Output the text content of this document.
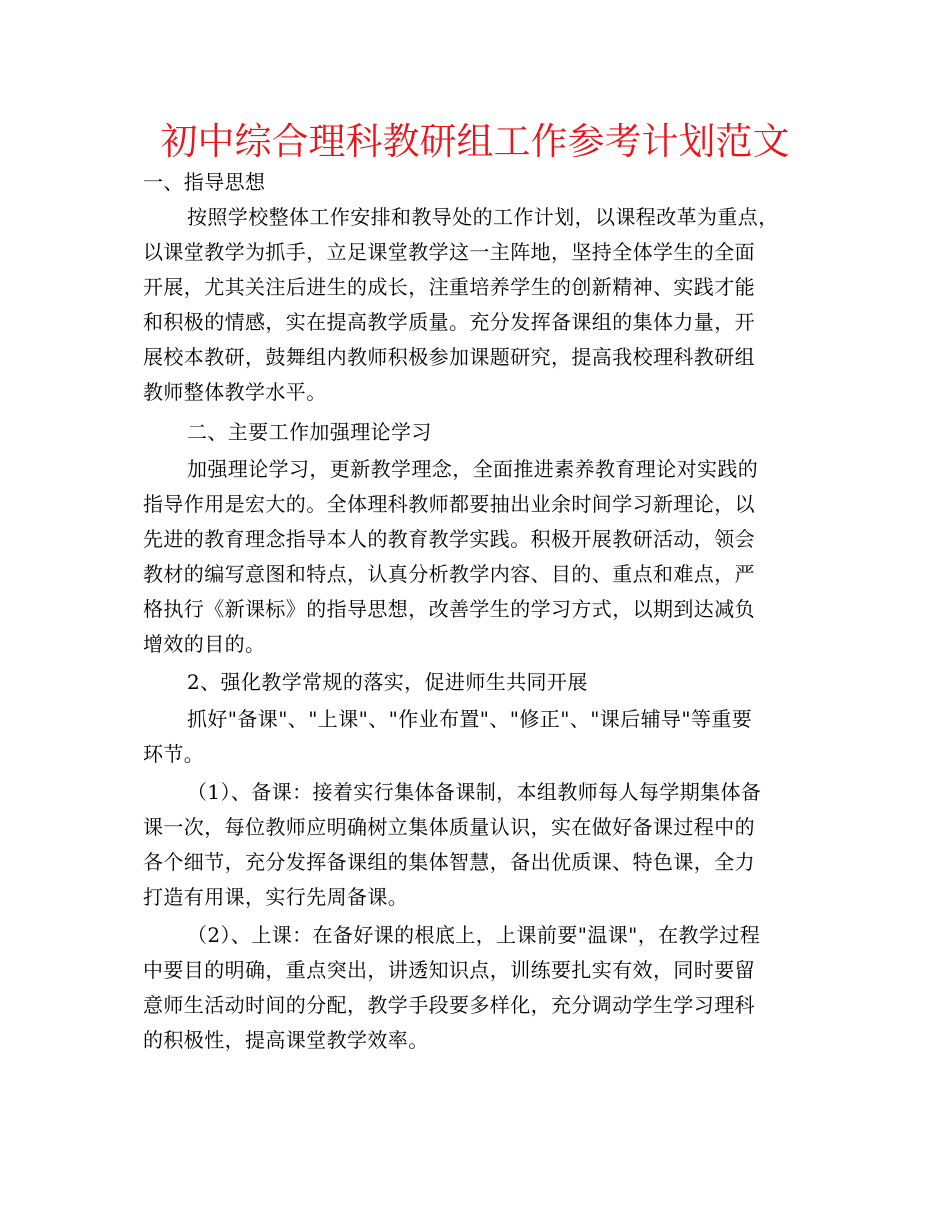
初中综合理科教研组工作参考计划范文
一、指导思想
按照学校整体工作安排和教导处的工作计划，以课程改革为重点，
以课堂教学为抓手，立足课堂教学这一主阵地，坚持全体学生的全面
开展，尤其关注后进生的成长，注重培养学生的创新精神、实践才能
和积极的情感，实在提高教学质量。充分发挥备课组的集体力量，开
展校本教研，鼓舞组内教师积极参加课题研究，提高我校理科教研组
教师整体教学水平。
二、主要工作加强理论学习
加强理论学习，更新教学理念，全面推进素养教育理论对实践的
指导作用是宏大的。全体理科教师都要抽出业余时间学习新理论，以
先进的教育理念指导本人的教育教学实践。积极开展教研活动，领会
教材的编写意图和特点，认真分析教学内容、目的、重点和难点，严
格执行《新课标》的指导思想，改善学生的学习方式，以期到达减负
增效的目的。
2、强化教学常规的落实，促进师生共同开展
抓好"备课"、"上课"、"作业布置"、"修正"、"课后辅导"等重要
环节。
（1）、备课：接着实行集体备课制，本组教师每人每学期集体备
课一次，每位教师应明确树立集体质量认识，实在做好备课过程中的
各个细节，充分发挥备课组的集体智慧，备出优质课、特色课，全力
打造有用课，实行先周备课。
（2）、上课：在备好课的根底上，上课前要"温课"，在教学过程
中要目的明确，重点突出，讲透知识点，训练要扎实有效，同时要留
意师生活动时间的分配，教学手段要多样化，充分调动学生学习理科
的积极性，提高课堂教学效率。
